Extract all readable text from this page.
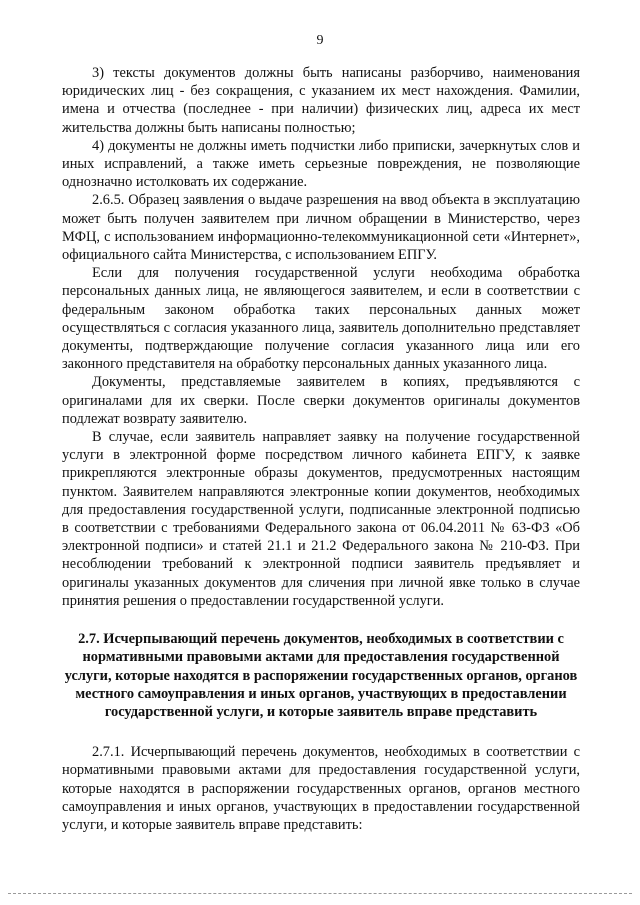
9

3) тексты документов должны быть написаны разборчиво, наименования юридических лиц - без сокращения, с указанием их мест нахождения. Фамилии, имена и отчества (последнее - при наличии) физических лиц, адреса их мест жительства должны быть написаны полностью;

4) документы не должны иметь подчистки либо приписки, зачеркнутых слов и иных исправлений, а также иметь серьезные повреждения, не позволяющие однозначно истолковать их содержание.

2.6.5. Образец заявления о выдаче разрешения на ввод объекта в эксплуатацию может быть получен заявителем при личном обращении в Министерство, через МФЦ, с использованием информационно-телекоммуникационной сети «Интернет», официального сайта Министерства, с использованием ЕПГУ.

Если для получения государственной услуги необходима обработка персональных данных лица, не являющегося заявителем, и если в соответствии с федеральным законом обработка таких персональных данных может осуществляться с согласия указанного лица, заявитель дополнительно представляет документы, подтверждающие получение согласия указанного лица или его законного представителя на обработку персональных данных указанного лица.

Документы, представляемые заявителем в копиях, предъявляются с оригиналами для их сверки. После сверки документов оригиналы документов подлежат возврату заявителю.

В случае, если заявитель направляет заявку на получение государственной услуги в электронной форме посредством личного кабинета ЕПГУ, к заявке прикрепляются электронные образы документов, предусмотренных настоящим пунктом. Заявителем направляются электронные копии документов, необходимых для предоставления государственной услуги, подписанные электронной подписью в соответствии с требованиями Федерального закона от 06.04.2011 № 63-ФЗ «Об электронной подписи» и статей 21.1 и 21.2 Федерального закона № 210-ФЗ. При несоблюдении требований к электронной подписи заявитель предъявляет и оригиналы указанных документов для сличения при личной явке только в случае принятия решения о предоставлении государственной услуги.

2.7. Исчерпывающий перечень документов, необходимых в соответствии с нормативными правовыми актами для предоставления государственной услуги, которые находятся в распоряжении государственных органов, органов местного самоуправления и иных органов, участвующих в предоставлении государственной услуги, и которые заявитель вправе представить

2.7.1. Исчерпывающий перечень документов, необходимых в соответствии с нормативными правовыми актами для предоставления государственной услуги, которые находятся в распоряжении государственных органов, органов местного самоуправления и иных органов, участвующих в предоставлении государственной услуги, и которые заявитель вправе представить:
